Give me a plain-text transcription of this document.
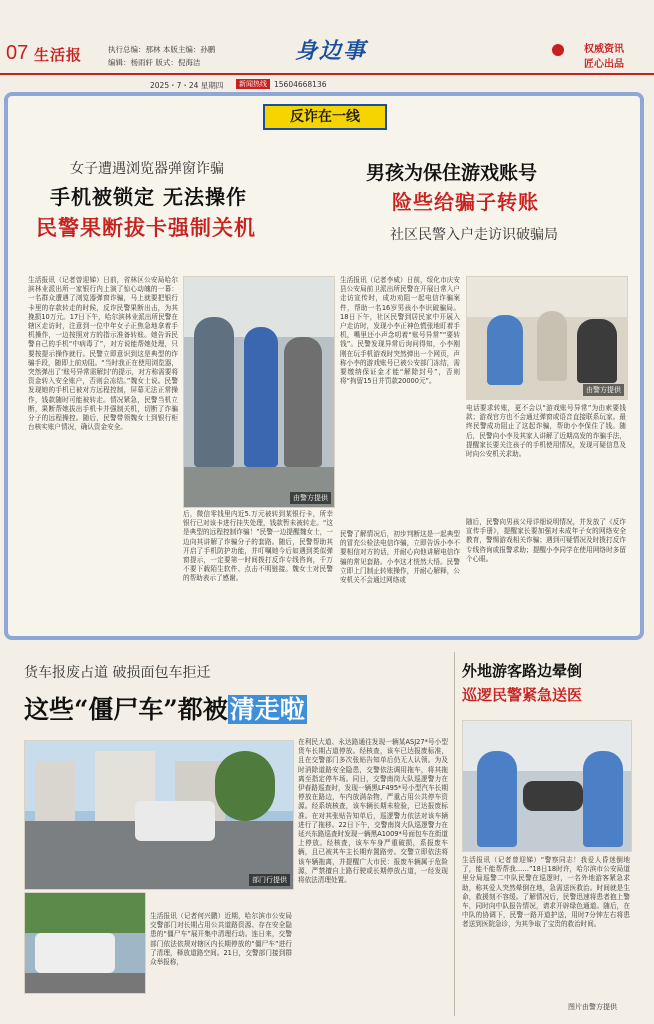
07 生活报	执行总编：那林 本版主编：孙鹏
编辑：杨雨轩 版式：倪海洁	身边事	权威资讯
匠心出品
2025・7・24 星期四	新闻热线 15604668136
反诈在一线
女子遭遇浏览器弹窗诈骗
手机被锁定 无法操作
民警果断拔卡强制关机
男孩为保住游戏账号
险些给骗子转账
社区民警入户走访识破骗局
生活报讯（记者曾迎娣）日前，省林区公安局哈尔滨林业派出所一家银行内上演了惊心动魄的一幕：一名群众遭遇了浏览器弹窗诈骗，马上就要把银行卡里的存款转走的时候，反诈民警果断出击，为其挽损10万元。17日下午，哈尔滨林业派出所民警在辖区走访时，注意到一位中年女子正焦急地拿着手机操作，一边按照对方的指示准备转账。她告诉民警自己的手机“中病毒了”，对方说能帮她处理，只要按提示操作就行。民警立即意识到这是典型的诈骗手段，随即上前劝阻。“当时我正在使用浏览器，突然弹出了‘账号异常需解封’的提示，对方称需要将资金转入安全账户，否则会冻结。”魏女士说。民警发现她的手机已被对方远程控制，屏幕无法正常操作，钱款随时可能被转走。情况紧急，民警当机立断，果断帮她拔出手机卡并强制关机，切断了诈骗分子的远程操控。随后，民警带领魏女士到银行柜台核实账户情况，确认资金安全。
由警方提供
后，微信零钱里内近5.万元被转到某银行卡，所幸银行已对该卡进行挂失处理，钱款暂未被转走。“这是典型的远程控制诈骗！”民警一边提醒魏女士，一边向其讲解了诈骗分子的套路。随后，民警帮助其开启了手机防护功能，并叮嘱她今后如遇到类似弹窗提示，一定要第一时间拨打反诈专线咨询，千万不要下载陌生软件、点击不明链接。魏女士对民警的帮助表示了感谢。
生活报讯（记者李威）日前，绥化市庆安县公安局前卫派出所民警在开展日常入户走访宣传时，成功劝阻一起电信诈骗案件，帮助一名16岁男孩小李识破骗局。18日下午，社区民警到居民家中开展入户走访时，发现小李正神色慌张地盯着手机，嘴里还小声念叨着“账号异常”“要转钱”。民警发现异常后询问得知，小李刚刚在玩手机游戏时突然弹出一个网页，声称小李的游戏账号已被公安部门冻结，需要缴纳保证金才能“解除封号”，否则将“拘留15日并罚款20000元”。
由警方提供
民警了解情况后，初步判断这是一起典型的冒充公检法电信诈骗，立即告诉小李不要相信对方的话，并耐心向他讲解电信诈骗的常见套路。小李这才恍然大悟。民警立即上门制止转账操作，并耐心解释，公安机关不会通过网络或
电话要求转账，更不会以“游戏账号异常”为由索要钱款；游戏官方也不会通过弹窗或语音直接联系玩家。最终民警成功阻止了这起诈骗，帮助小李保住了钱。随后，民警向小李及其家人讲解了近期高发的诈骗手法，提醒家长要关注孩子的手机使用情况，发现可疑信息及时向公安机关求助。
随后，民警向男孩父母详细说明情况，并发放了《反诈宣传手册》，提醒家长要加强对未成年子女的网络安全教育，警惕游戏相关诈骗；遇到可疑情况及时拨打反诈专线咨询或报警求助；提醒小李同学在使用网络时多留个心眼。
货车报废占道 破损面包车拒迁
这些“僵尸车”都被清走啦
部门行提供
生活报讯（记者何兴鹏）近期，哈尔滨市公安局交警部门对长期占用公共道路资源、存在安全隐患的“僵尸车”展开集中清理行动。连日来，交警部门依法依规对辖区内长期停放的“僵尸车”进行了清理，释放道路空间。21日，交警部门接到群众举报称，
在利民大道、永达路通往发现一辆某ASJ27*号小型货车长期占道停放。经核查，该车已达报废标准，且在交警部门多次张贴告知单后仍无人认领。为及时消除道路安全隐患，交警依法调用拖车，将其拖离至指定停车场。同日，交警南岗大队巡逻警力在伊春路巡查时，发现一辆黑LF495*号小型汽车长期停放在路边，车内放满杂物，严重占用公共停车资源。经系统核查，该车辆长期未检验，已达报废标准。在对其张贴告知单后，巡逻警力依法对该车辆进行了拖移。22日下午，交警南岗大队巡逻警力在延兴东路巡查时发现一辆黑A1009*号面包车在街道上停放。经核查，该车车身严重破损，系报废车辆，且已被其车主长期弃置路旁。交警立即依法将该车辆拖离，并提醒广大市民：报废车辆属于危险源，严禁擅自上路行驶或长期停放占道，一经发现将依法清理处置。
外地游客路边晕倒
巡逻民警紧急送医
生活报讯（记者曾迎娣）“警察同志！我爱人昏迷倒地了，能不能帮帮我……”18日18时许，哈尔滨市公安局道里分局巡警二中队民警在巡逻时，一名外地游客紧急求助，称其爱人突然晕倒在地，急需送医救治。时间就是生命，救援刻不容缓。了解情况后，民警迅速将患者抱上警车，同时向中队报告情况，请求开辟绿色通道。随后，在中队的协调下，民警一路开道护送，用时7分钟左右将患者送到医院急诊，为其争取了宝贵的救治时间。
图片由警方提供
